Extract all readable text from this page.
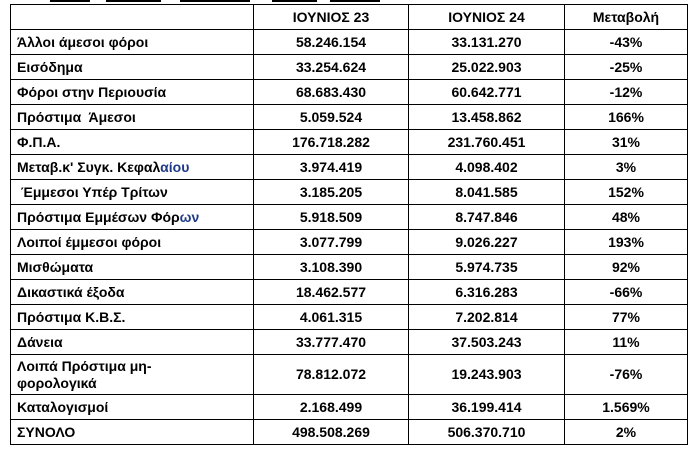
	ΙΟΥΝΙΟΣ 23	ΙΟΥΝΙΟΣ 24	Μεταβολή
Άλλοι άμεσοι φόροι	58.246.154	33.131.270	-43%
Εισόδημα	33.254.624	25.022.903	-25%
Φόροι στην Περιουσία	68.683.430	60.642.771	-12%
Πρόστιμα  Άμεσοι	5.059.524	13.458.862	166%
Φ.Π.Α.	176.718.282	231.760.451	31%
Μεταβ.κ' Συγκ. Κεφαλαίου	3.974.419	4.098.402	3%
Έμμεσοι Υπέρ Τρίτων	3.185.205	8.041.585	152%
Πρόστιμα Εμμέσων Φόρων	5.918.509	8.747.846	48%
Λοιποί έμμεσοι φόροι	3.077.799	9.026.227	193%
Μισθώματα	3.108.390	5.974.735	92%
Δικαστικά έξοδα	18.462.577	6.316.283	-66%
Πρόστιμα Κ.Β.Σ.	4.061.315	7.202.814	77%
Δάνεια	33.777.470	37.503.243	11%
Λοιπά Πρόστιμα μη-φορολογικά	78.812.072	19.243.903	-76%
Καταλογισμοί	2.168.499	36.199.414	1.569%
ΣΥΝΟΛΟ	498.508.269	506.370.710	2%
